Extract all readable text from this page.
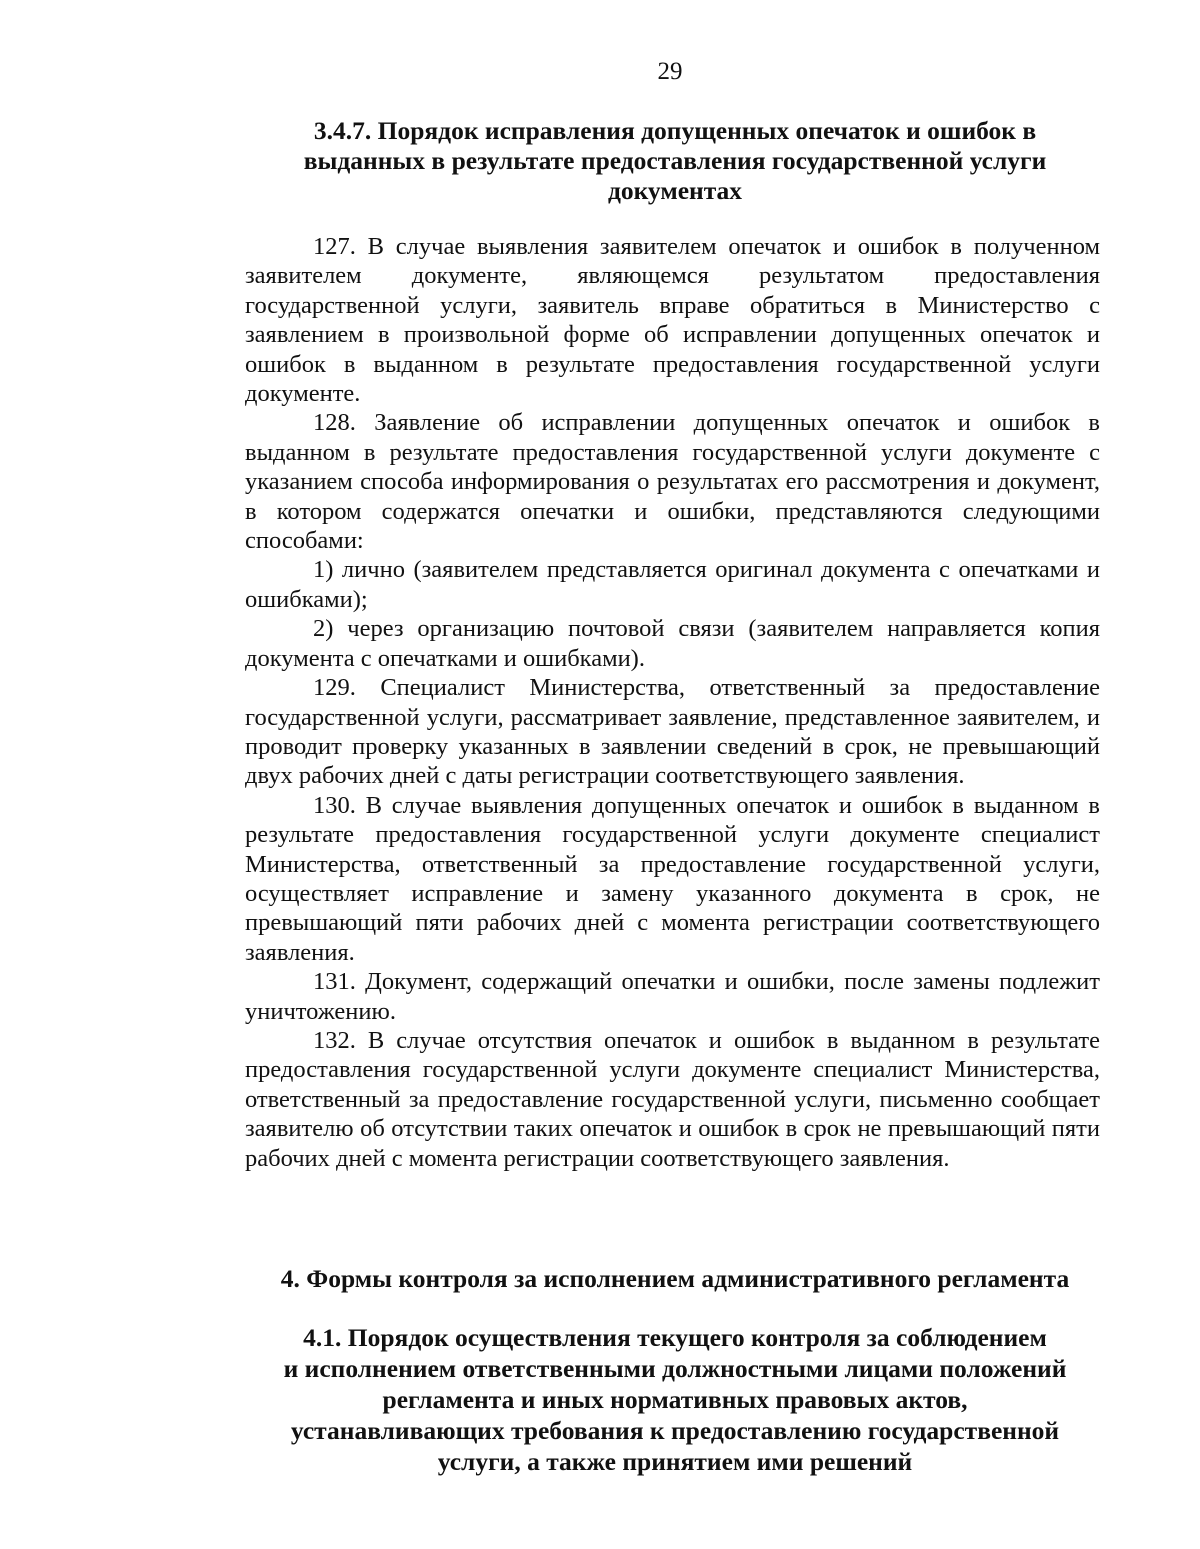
29
3.4.7. Порядок исправления допущенных опечаток и ошибок в
выданных в результате предоставления государственной услуги
документах

127. В случае выявления заявителем опечаток и ошибок в полученном заявителем документе, являющемся результатом предоставления государственной услуги, заявитель вправе обратиться в Министерство с заявлением в произвольной форме об исправлении допущенных опечаток и ошибок в выданном в результате предоставления государственной услуги документе.

128. Заявление об исправлении допущенных опечаток и ошибок в выданном в результате предоставления государственной услуги документе с указанием способа информирования о результатах его рассмотрения и документ, в котором содержатся опечатки и ошибки, представляются следующими способами:

1) лично (заявителем представляется оригинал документа с опечатками и ошибками);

2) через организацию почтовой связи (заявителем направляется копия документа с опечатками и ошибками).

129. Специалист Министерства, ответственный за предоставление государственной услуги, рассматривает заявление, представленное заявителем, и проводит проверку указанных в заявлении сведений в срок, не превышающий двух рабочих дней с даты регистрации соответствующего заявления.

130. В случае выявления допущенных опечаток и ошибок в выданном в результате предоставления государственной услуги документе специалист Министерства, ответственный за предоставление государственной услуги, осуществляет исправление и замену указанного документа в срок, не превышающий пяти рабочих дней с момента регистрации соответствующего заявления.

131. Документ, содержащий опечатки и ошибки, после замены подлежит уничтожению.

132. В случае отсутствия опечаток и ошибок в выданном в результате предоставления государственной услуги документе специалист Министерства, ответственный за предоставление государственной услуги, письменно сообщает заявителю об отсутствии таких опечаток и ошибок в срок не превышающий пяти рабочих дней с момента регистрации соответствующего заявления.

4. Формы контроля за исполнением административного регламента
4.1. Порядок осуществления текущего контроля за соблюдением
и исполнением ответственными должностными лицами положений
регламента и иных нормативных правовых актов,
устанавливающих требования к предоставлению государственной
услуги, а также принятием ими решений
